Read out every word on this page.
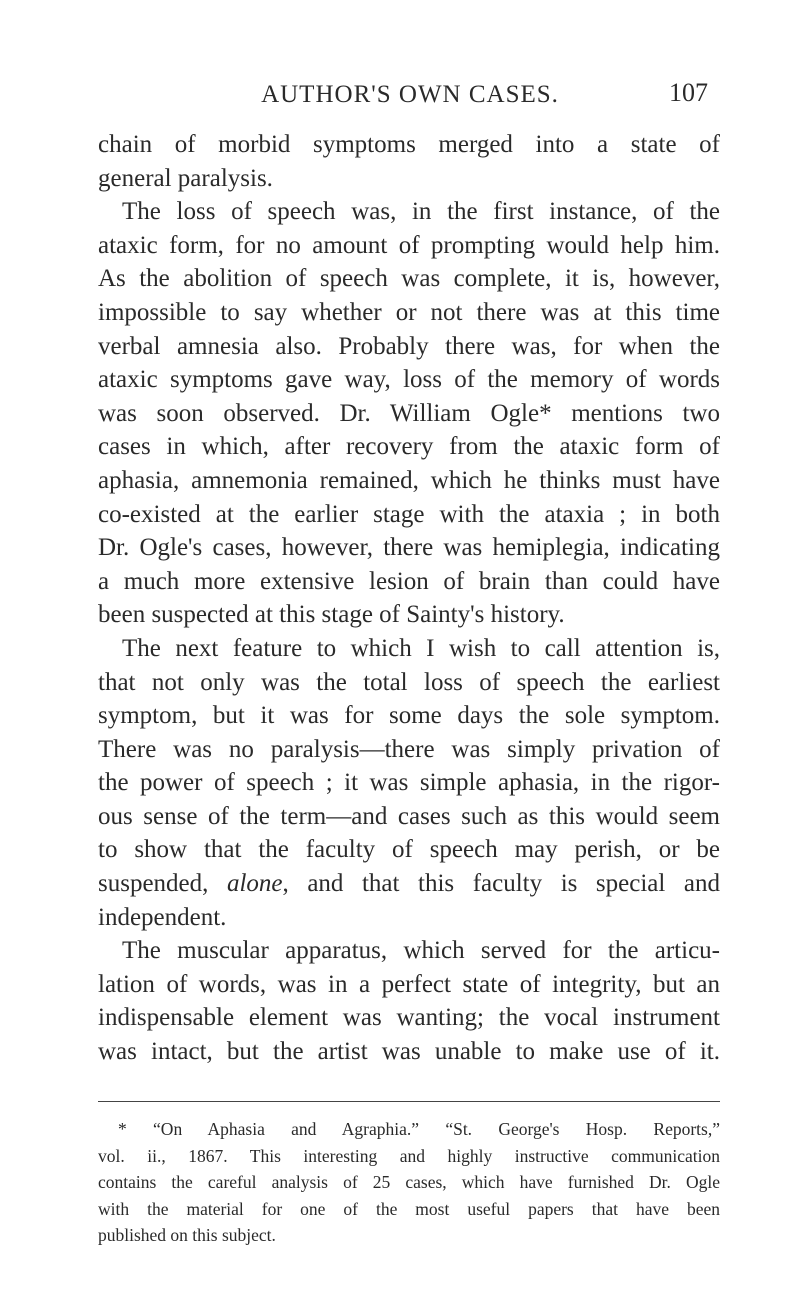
AUTHOR'S OWN CASES.	107
chain of morbid symptoms merged into a state of
general paralysis.
The loss of speech was, in the first instance, of the
ataxic form, for no amount of prompting would help him.
As the abolition of speech was complete, it is, however,
impossible to say whether or not there was at this time
verbal amnesia also. Probably there was, for when the
ataxic symptoms gave way, loss of the memory of words
was soon observed. Dr. William Ogle* mentions two
cases in which, after recovery from the ataxic form of
aphasia, amnemonia remained, which he thinks must have
co-existed at the earlier stage with the ataxia ; in both
Dr. Ogle's cases, however, there was hemiplegia, indicating
a much more extensive lesion of brain than could have
been suspected at this stage of Sainty's history.
The next feature to which I wish to call attention is,
that not only was the total loss of speech the earliest
symptom, but it was for some days the sole symptom.
There was no paralysis—there was simply privation of
the power of speech ; it was simple aphasia, in the rigor-
ous sense of the term—and cases such as this would seem
to show that the faculty of speech may perish, or be
suspended, alone, and that this faculty is special and
independent.
The muscular apparatus, which served for the articu-
lation of words, was in a perfect state of integrity, but an
indispensable element was wanting; the vocal instrument
was intact, but the artist was unable to make use of it.
* “On Aphasia and Agraphia.” “St. George's Hosp. Reports,”
vol. ii., 1867. This interesting and highly instructive communication
contains the careful analysis of 25 cases, which have furnished Dr. Ogle
with the material for one of the most useful papers that have been
published on this subject.
